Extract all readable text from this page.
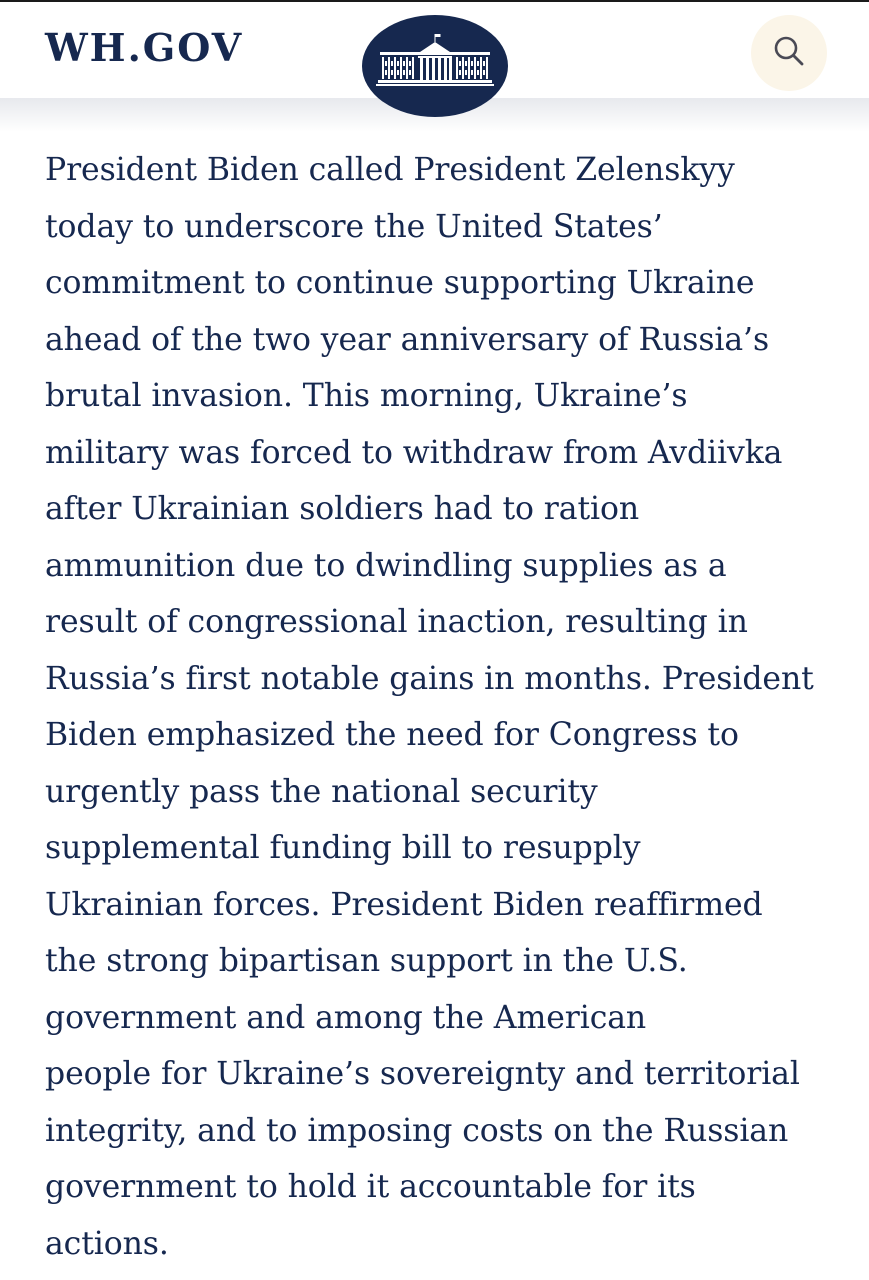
WH.GOV
President Biden called President Zelenskyy
today to underscore the United States’
commitment to continue supporting Ukraine
ahead of the two year anniversary of Russia’s
brutal invasion. This morning, Ukraine’s
military was forced to withdraw from Avdiivka
after Ukrainian soldiers had to ration
ammunition due to dwindling supplies as a
result of congressional inaction, resulting in
Russia’s first notable gains in months. President
Biden emphasized the need for Congress to
urgently pass the national security
supplemental funding bill to resupply
Ukrainian forces. President Biden reaffirmed
the strong bipartisan support in the U.S.
government and among the American
people for Ukraine’s sovereignty and territorial
integrity, and to imposing costs on the Russian
government to hold it accountable for its
actions.
